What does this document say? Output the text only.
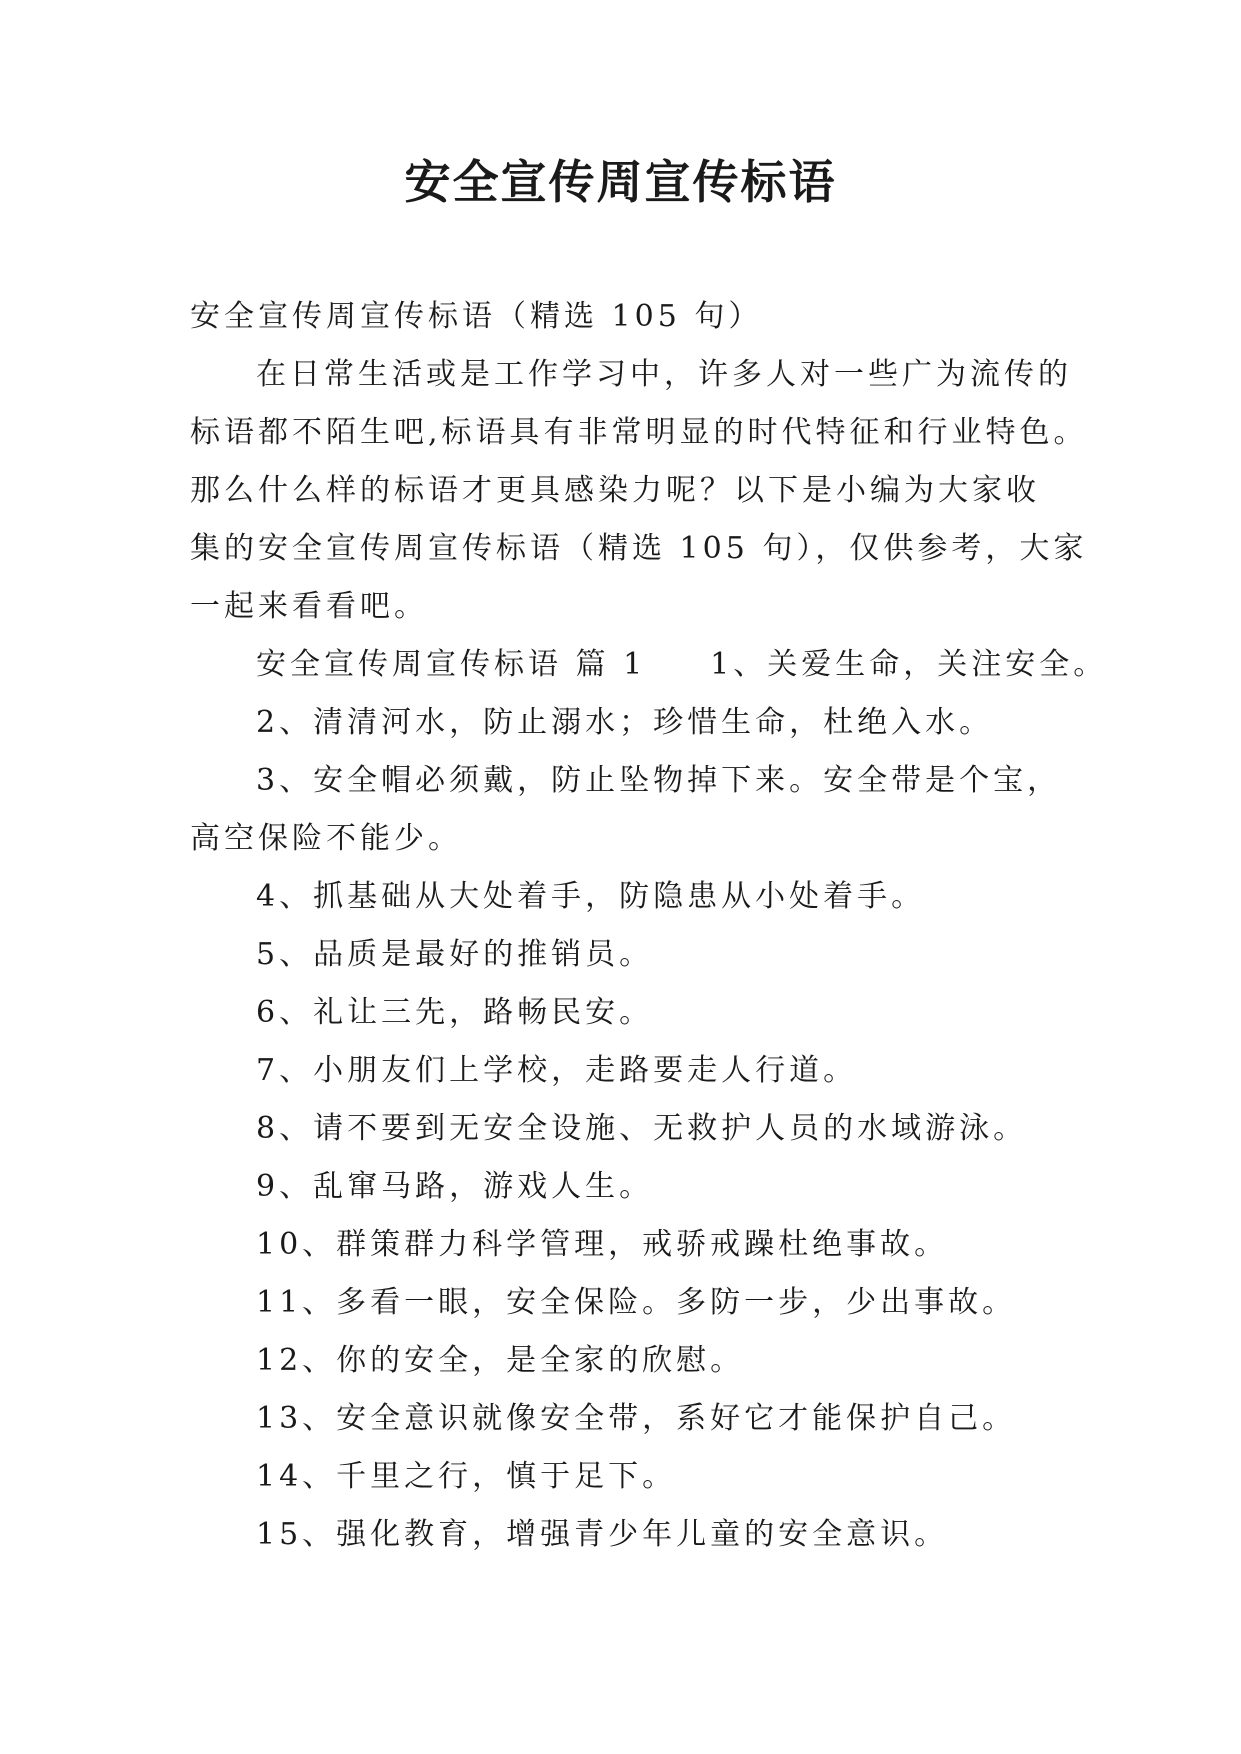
安全宣传周宣传标语
安全宣传周宣传标语（精选 105 句）
在日常生活或是工作学习中，许多人对一些广为流传的
标语都不陌生吧,标语具有非常明显的时代特征和行业特色。
那么什么样的标语才更具感染力呢？以下是小编为大家收
集的安全宣传周宣传标语（精选 105 句），仅供参考，大家
一起来看看吧。
安全宣传周宣传标语 篇 1 1、关爱生命，关注安全。
2、清清河水，防止溺水；珍惜生命，杜绝入水。
3、安全帽必须戴，防止坠物掉下来。安全带是个宝，
高空保险不能少。
4、抓基础从大处着手，防隐患从小处着手。
5、品质是最好的推销员。
6、礼让三先，路畅民安。
7、小朋友们上学校，走路要走人行道。
8、请不要到无安全设施、无救护人员的水域游泳。
9、乱窜马路，游戏人生。
10、群策群力科学管理，戒骄戒躁杜绝事故。
11、多看一眼，安全保险。多防一步，少出事故。
12、你的安全，是全家的欣慰。
13、安全意识就像安全带，系好它才能保护自己。
14、千里之行，慎于足下。
15、强化教育，增强青少年儿童的安全意识。
